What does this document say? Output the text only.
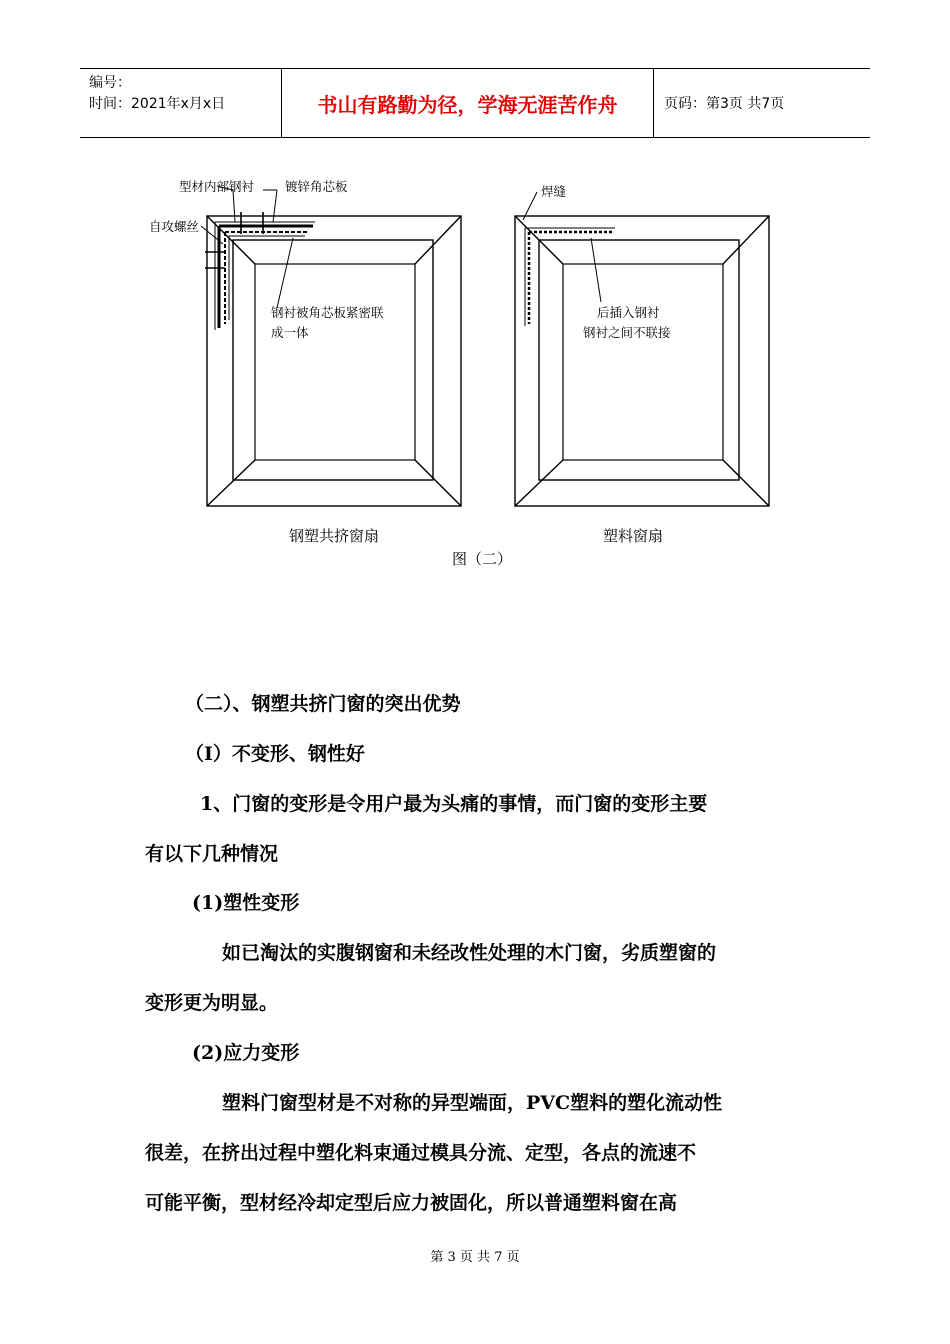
编号：
时间：2021年x月x日	书山有路勤为径，学海无涯苦作舟	页码：第3页 共7页
型材内部钢衬 镀锌角芯板
自攻螺丝
钢衬被角芯板紧密联
成一体
焊缝
后插入钢衬
钢衬之间不联接
钢塑共挤窗扇	塑料窗扇
图（二）
（二）、钢塑共挤门窗的突出优势
（Ⅰ）不变形、钢性好
1、门窗的变形是令用户最为头痛的事情，而门窗的变形主要
有以下几种情况
(1)塑性变形
如已淘汰的实腹钢窗和未经改性处理的木门窗，劣质塑窗的
变形更为明显。
(2)应力变形
塑料门窗型材是不对称的异型端面，PVC塑料的塑化流动性
很差，在挤出过程中塑化料束通过模具分流、定型，各点的流速不
可能平衡，型材经冷却定型后应力被固化，所以普通塑料窗在高
第 3 页 共 7 页
